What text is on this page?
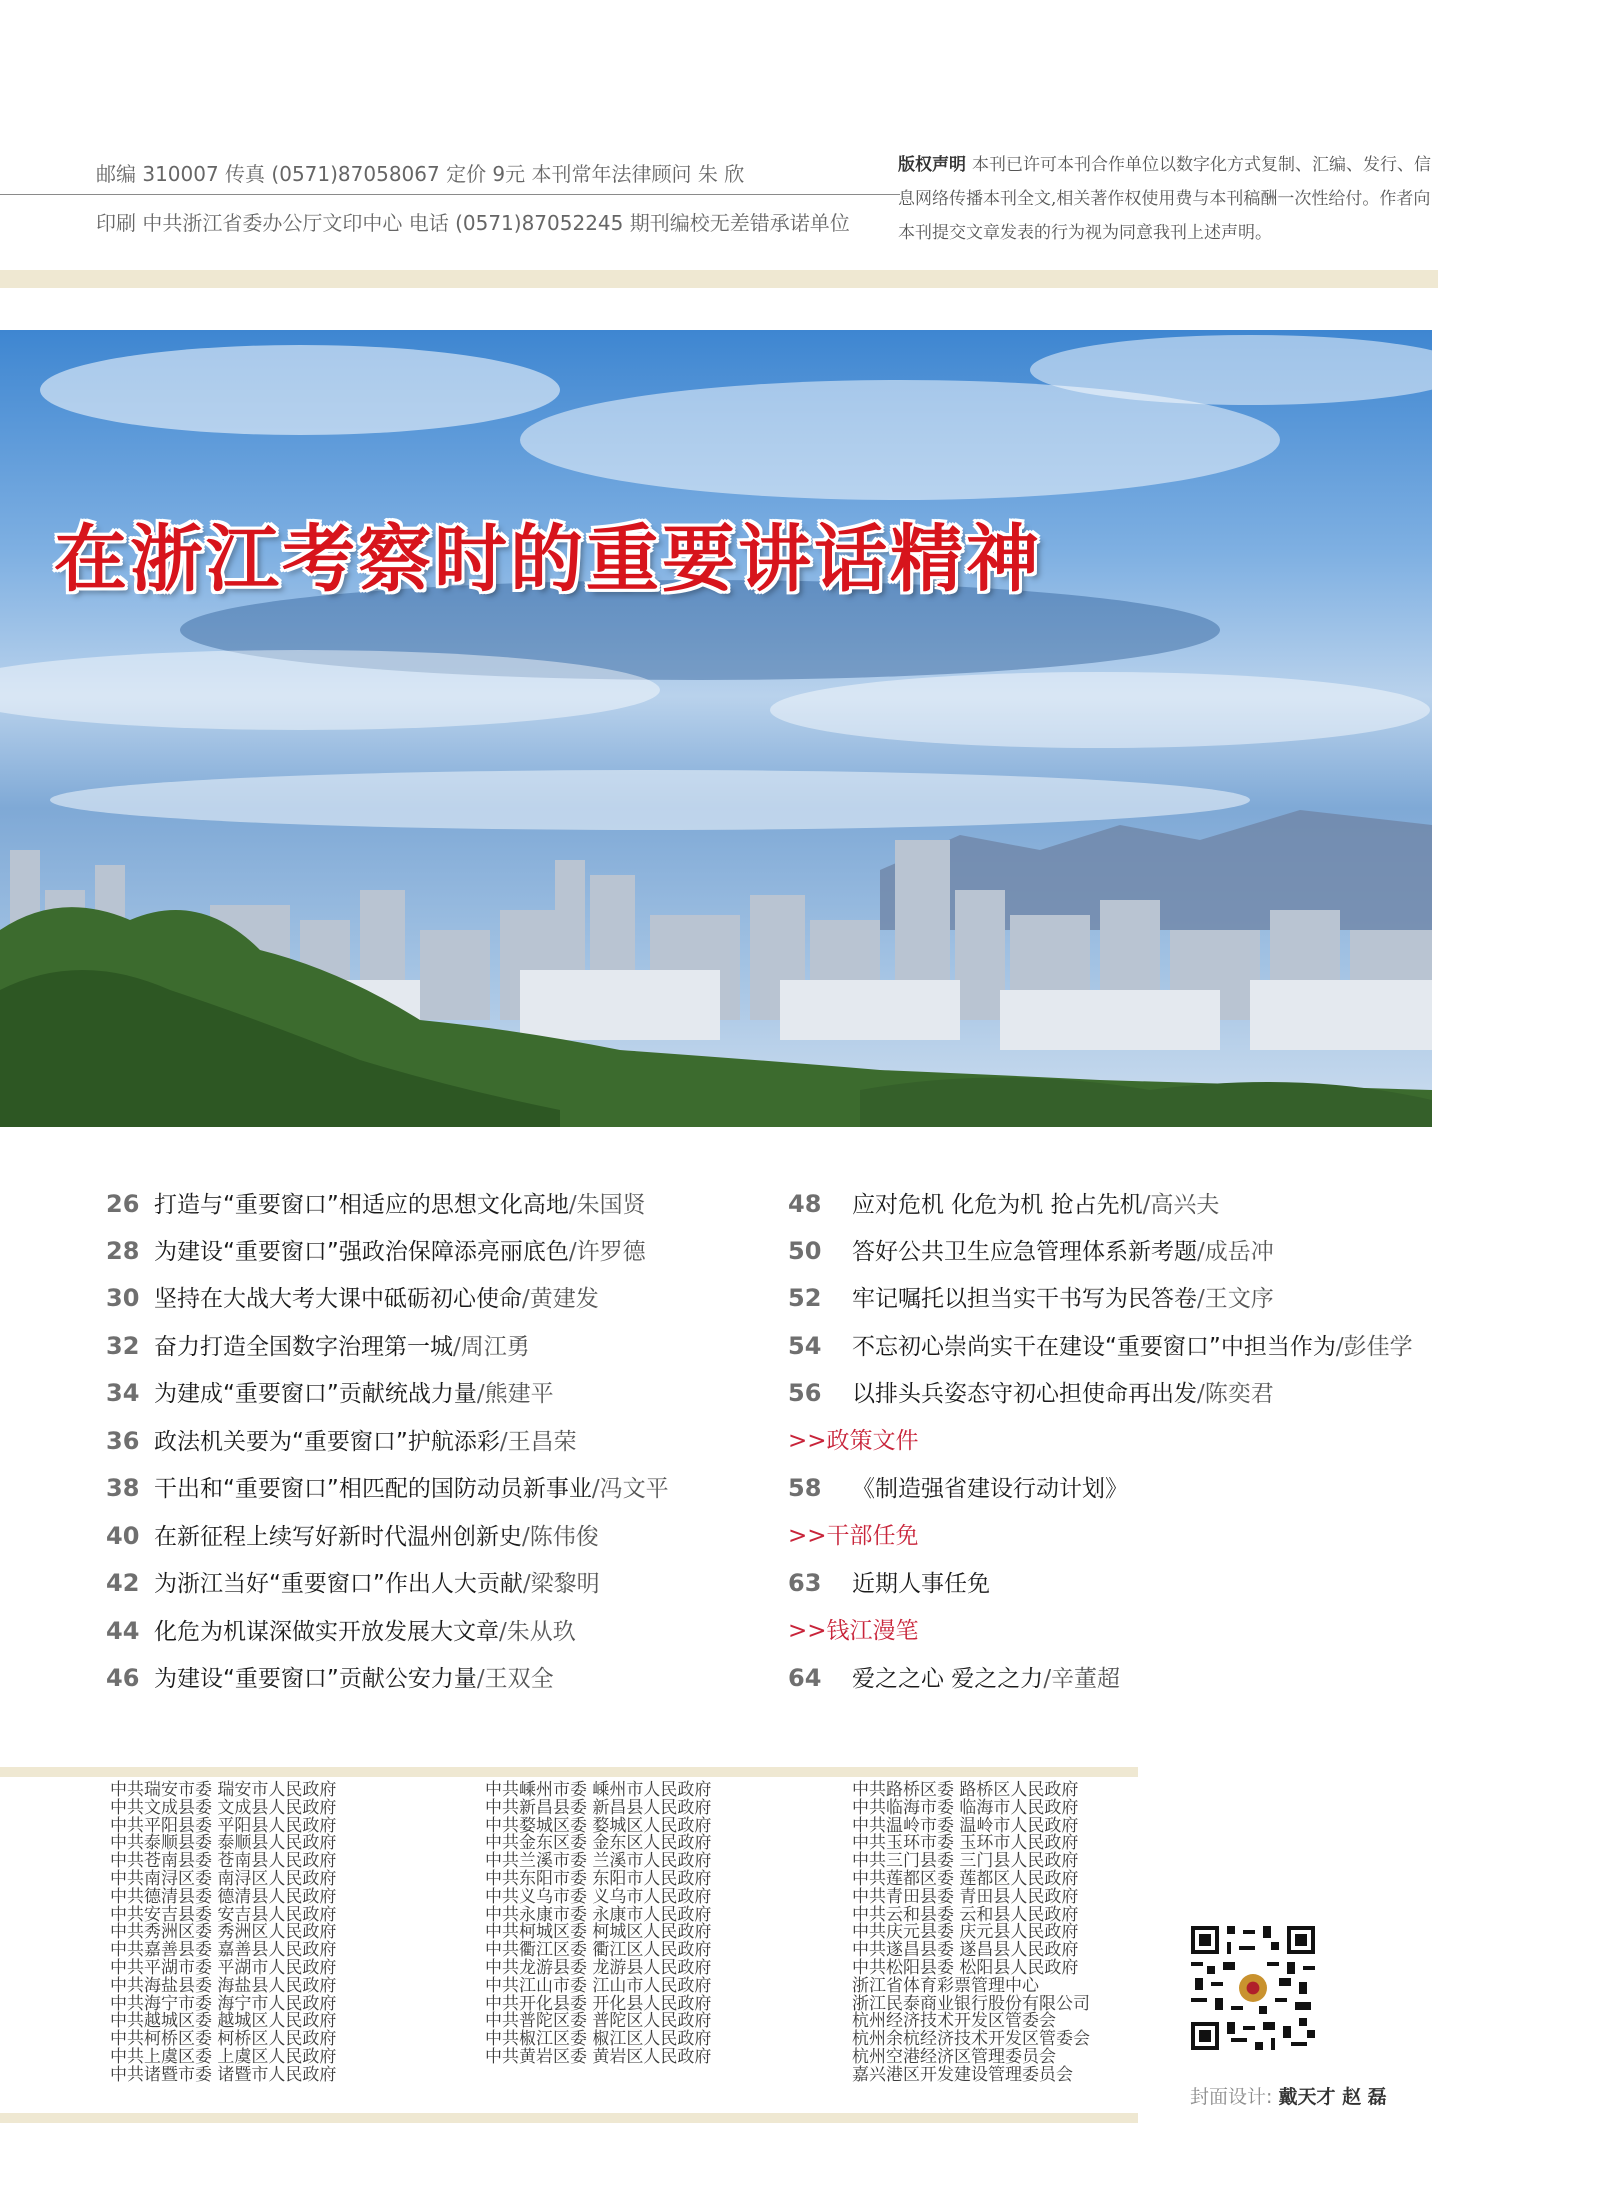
邮编 310007 传真 (0571)87058067 定价 9元 本刊常年法律顾问 朱 欣
印刷 中共浙江省委办公厅文印中心 电话 (0571)87052245 期刊编校无差错承诺单位
版权声明 本刊已许可本刊合作单位以数字化方式复制、汇编、发行、信息网络传播本刊全文,相关著作权使用费与本刊稿酬一次性给付。作者向本刊提交文章发表的行为视为同意我刊上述声明。
在浙江考察时的重要讲话精神
26 打造与“重要窗口”相适应的思想文化高地/朱国贤
28 为建设“重要窗口”强政治保障添亮丽底色/许罗德
30 坚持在大战大考大课中砥砺初心使命/黄建发
32 奋力打造全国数字治理第一城/周江勇
34 为建成“重要窗口”贡献统战力量/熊建平
36 政法机关要为“重要窗口”护航添彩/王昌荣
38 干出和“重要窗口”相匹配的国防动员新事业/冯文平
40 在新征程上续写好新时代温州创新史/陈伟俊
42 为浙江当好“重要窗口”作出人大贡献/梁黎明
44 化危为机谋深做实开放发展大文章/朱从玖
46 为建设“重要窗口”贡献公安力量/王双全
48 应对危机 化危为机 抢占先机/高兴夫
50 答好公共卫生应急管理体系新考题/成岳冲
52 牢记嘱托以担当实干书写为民答卷/王文序
54 不忘初心崇尚实干在建设“重要窗口”中担当作为/彭佳学
56 以排头兵姿态守初心担使命再出发/陈奕君
>>政策文件
58 《制造强省建设行动计划》
>>干部任免
63 近期人事任免
>>钱江漫笔
64 爱之之心 爱之之力/辛董超
中共瑞安市委 瑞安市人民政府
中共文成县委 文成县人民政府
中共平阳县委 平阳县人民政府
中共泰顺县委 泰顺县人民政府
中共苍南县委 苍南县人民政府
中共南浔区委 南浔区人民政府
中共德清县委 德清县人民政府
中共安吉县委 安吉县人民政府
中共秀洲区委 秀洲区人民政府
中共嘉善县委 嘉善县人民政府
中共平湖市委 平湖市人民政府
中共海盐县委 海盐县人民政府
中共海宁市委 海宁市人民政府
中共越城区委 越城区人民政府
中共柯桥区委 柯桥区人民政府
中共上虞区委 上虞区人民政府
中共诸暨市委 诸暨市人民政府
中共嵊州市委 嵊州市人民政府
中共新昌县委 新昌县人民政府
中共婺城区委 婺城区人民政府
中共金东区委 金东区人民政府
中共兰溪市委 兰溪市人民政府
中共东阳市委 东阳市人民政府
中共义乌市委 义乌市人民政府
中共永康市委 永康市人民政府
中共柯城区委 柯城区人民政府
中共衢江区委 衢江区人民政府
中共龙游县委 龙游县人民政府
中共江山市委 江山市人民政府
中共开化县委 开化县人民政府
中共普陀区委 普陀区人民政府
中共椒江区委 椒江区人民政府
中共黄岩区委 黄岩区人民政府
中共路桥区委 路桥区人民政府
中共临海市委 临海市人民政府
中共温岭市委 温岭市人民政府
中共玉环市委 玉环市人民政府
中共三门县委 三门县人民政府
中共莲都区委 莲都区人民政府
中共青田县委 青田县人民政府
中共云和县委 云和县人民政府
中共庆元县委 庆元县人民政府
中共遂昌县委 遂昌县人民政府
中共松阳县委 松阳县人民政府
浙江省体育彩票管理中心
浙江民泰商业银行股份有限公司
杭州经济技术开发区管委会
杭州余杭经济技术开发区管委会
杭州空港经济区管理委员会
嘉兴港区开发建设管理委员会
封面设计: 戴天才 赵 磊
